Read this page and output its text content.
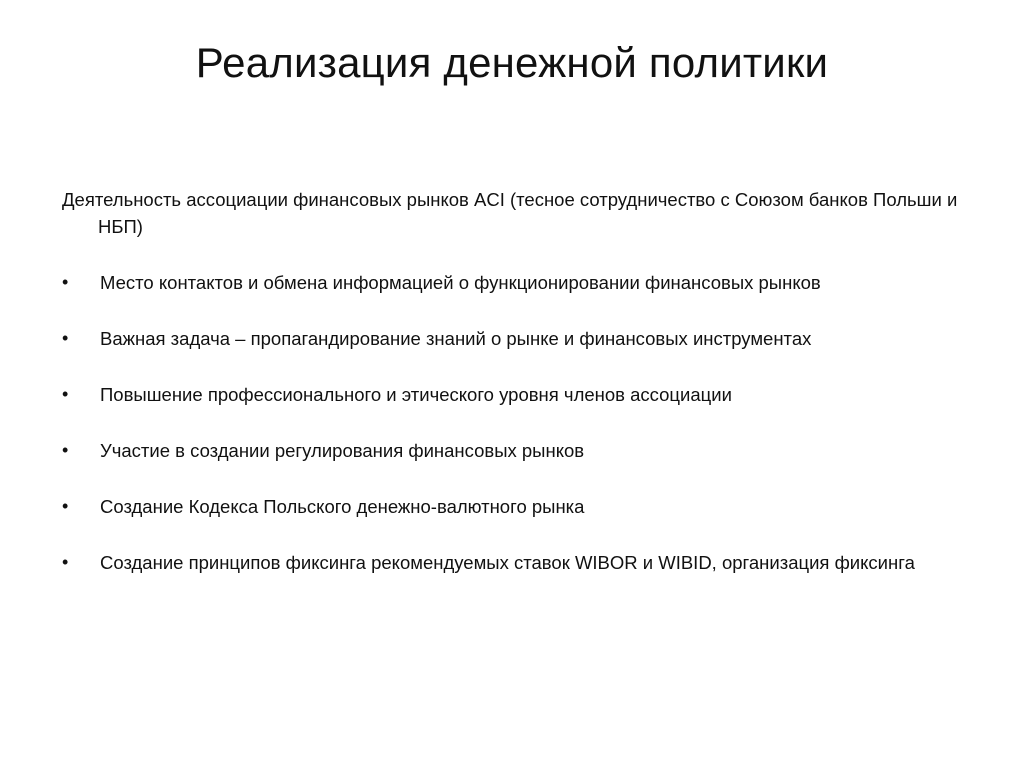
Реализация денежной политики

Деятельность ассоциации финансовых рынков ACI (тесное сотрудничество с Союзом банков Польши и НБП)

•	Место контактов и обмена информацией о функционировании финансовых рынков
•	Важная задача – пропагандирование знаний о рынке и финансовых инструментах
•	Повышение профессионального и этического уровня членов ассоциации
•	Участие в создании регулирования финансовых рынков
•	Создание Кодекса Польского денежно-валютного рынка
•	Создание принципов фиксинга рекомендуемых ставок WIBOR и WIBID, организация фиксинга
